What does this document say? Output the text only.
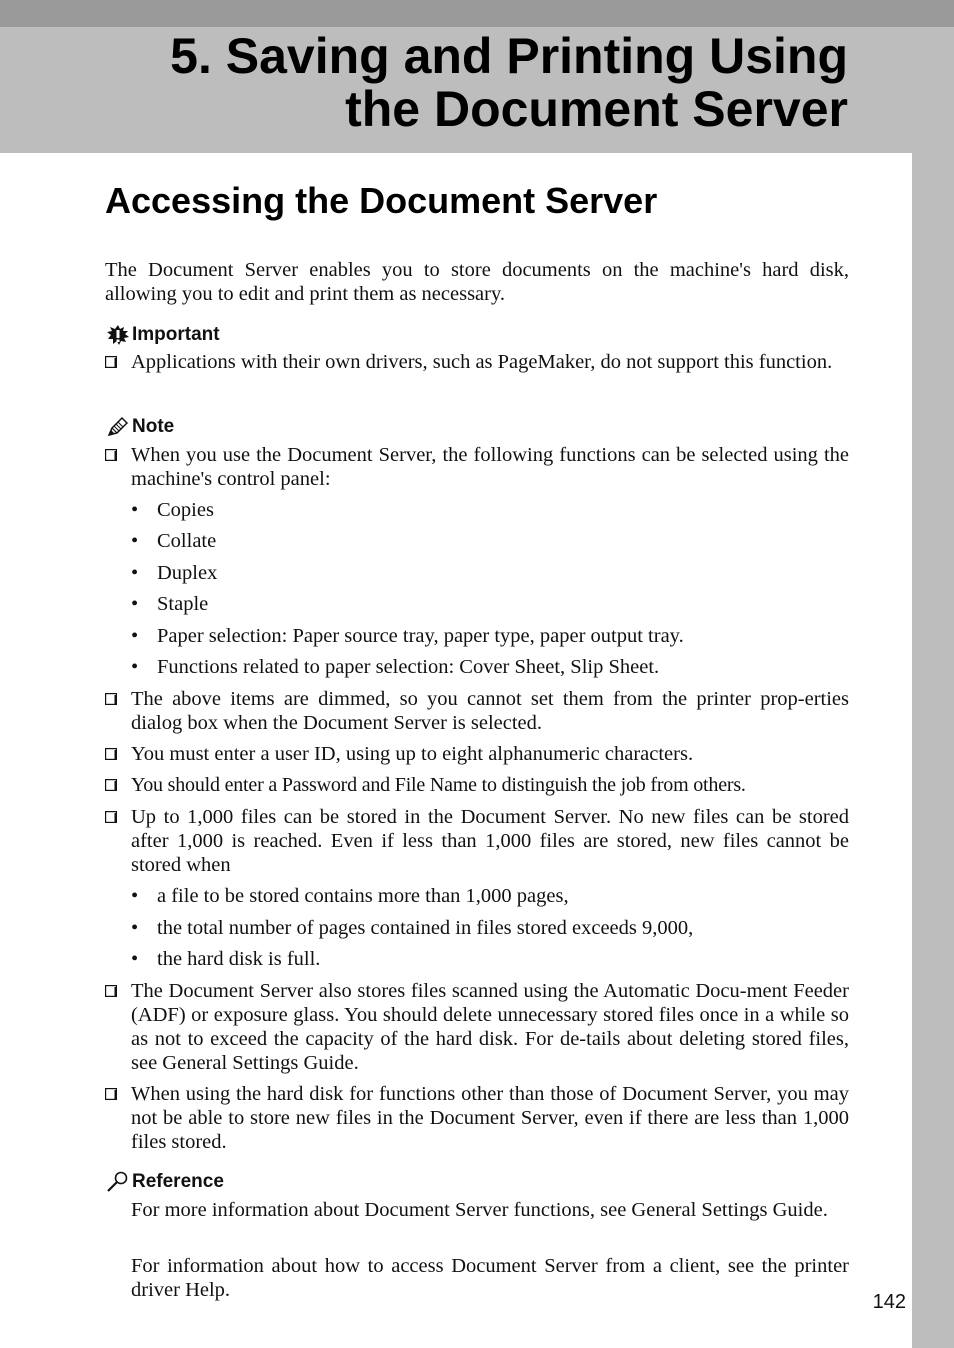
5. Saving and Printing Using
the Document Server
Accessing the Document Server

The Document Server enables you to store documents on the machine's hard disk, allowing you to edit and print them as necessary.

Important
Applications with their own drivers, such as PageMaker, do not support this function.
Note
When you use the Document Server, the following functions can be selected using the machine's control panel:
• Copies
• Collate
• Duplex
• Staple
• Paper selection: Paper source tray, paper type, paper output tray.
• Functions related to paper selection: Cover Sheet, Slip Sheet.
The above items are dimmed, so you cannot set them from the printer prop-erties dialog box when the Document Server is selected.
You must enter a user ID, using up to eight alphanumeric characters.
You should enter a Password and File Name to distinguish the job from others.
Up to 1,000 files can be stored in the Document Server. No new files can be stored after 1,000 is reached. Even if less than 1,000 files are stored, new files cannot be stored when
• a file to be stored contains more than 1,000 pages,
• the total number of pages contained in files stored exceeds 9,000,
• the hard disk is full.
The Document Server also stores files scanned using the Automatic Docu-ment Feeder (ADF) or exposure glass. You should delete unnecessary stored files once in a while so as not to exceed the capacity of the hard disk. For de-tails about deleting stored files, see General Settings Guide.
When using the hard disk for functions other than those of Document Server, you may not be able to store new files in the Document Server, even if there are less than 1,000 files stored.
Reference

For more information about Document Server functions, see General Settings Guide.

For information about how to access Document Server from a client, see the printer driver Help.

142
